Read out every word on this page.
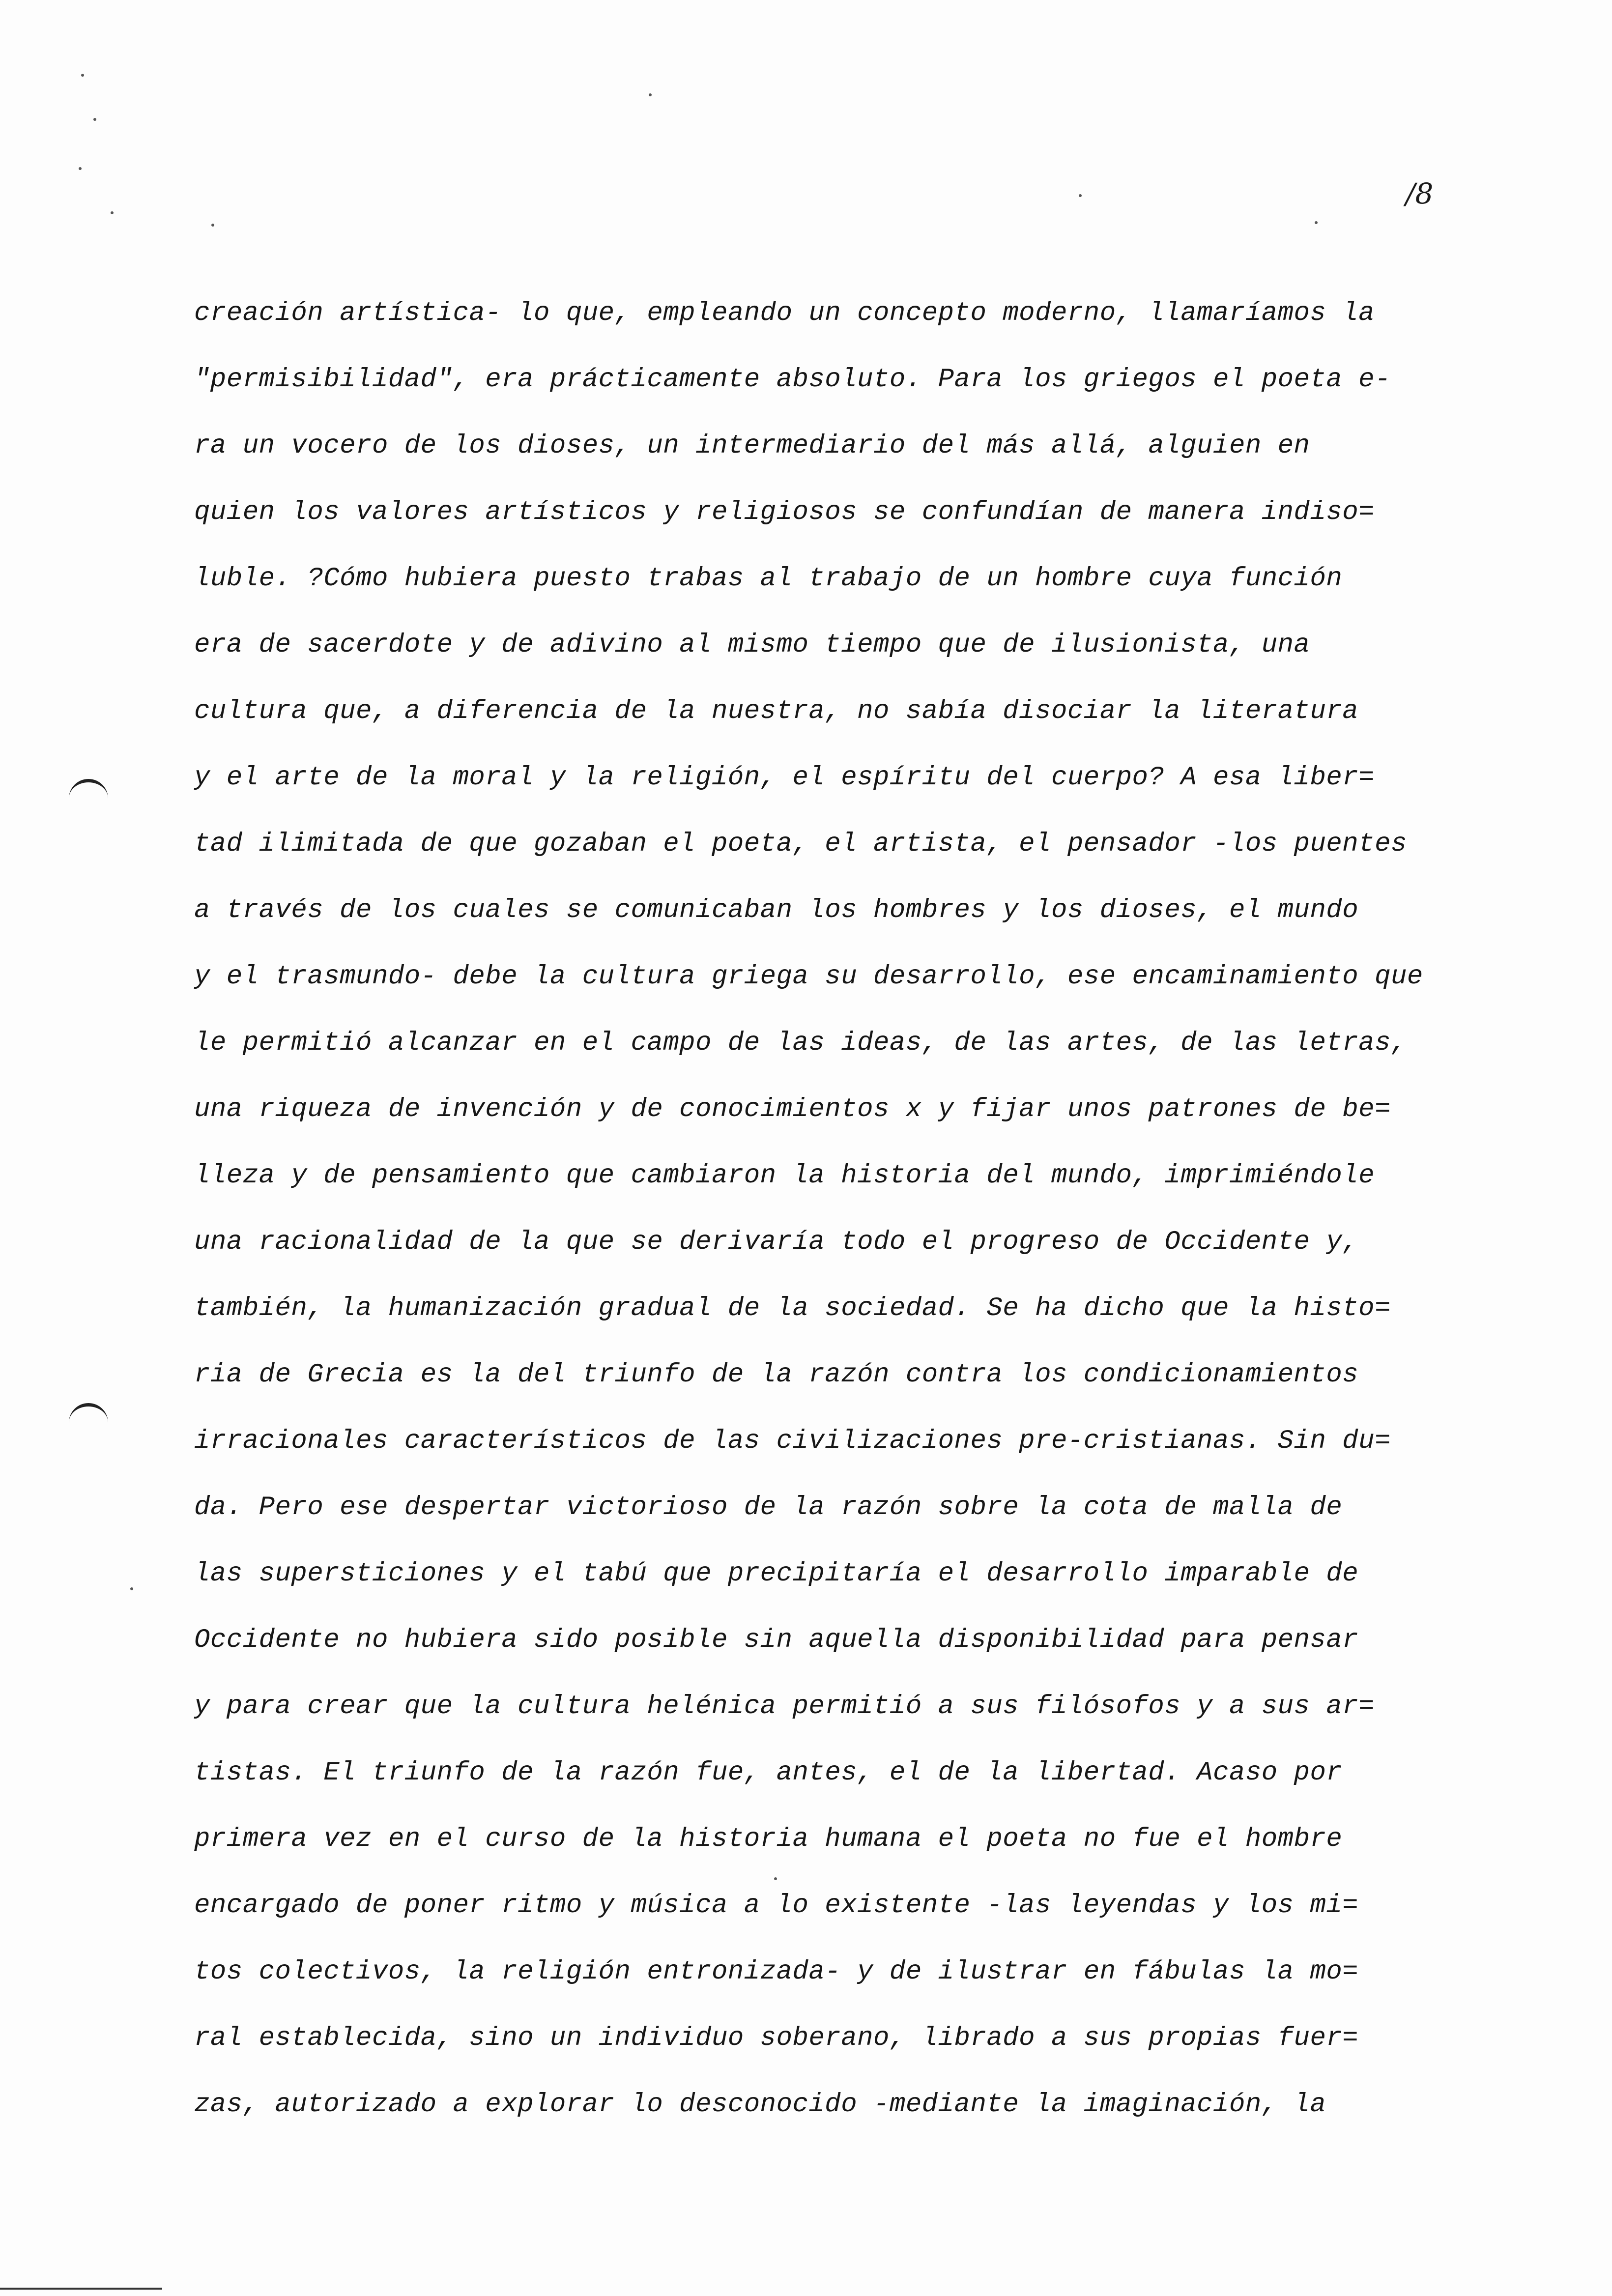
/8
creación artística- lo que, empleando un concepto moderno, llamaríamos la
"permisibilidad", era prácticamente absoluto. Para los griegos el poeta e-
ra un vocero de los dioses, un intermediario del más allá, alguien en
quien los valores artísticos y religiosos se confundían de manera indiso=
luble. ?Cómo hubiera puesto trabas al trabajo de un hombre cuya función
era de sacerdote y de adivino al mismo tiempo que de ilusionista, una
cultura que, a diferencia de la nuestra, no sabía disociar la literatura
y el arte de la moral y la religión, el espíritu del cuerpo? A esa liber=
tad ilimitada de que gozaban el poeta, el artista, el pensador -los puentes
a través de los cuales se comunicaban los hombres y los dioses, el mundo
y el trasmundo- debe la cultura griega su desarrollo, ese encaminamiento que
le permitió alcanzar en el campo de las ideas, de las artes, de las letras,
una riqueza de invención y de conocimientos x y fijar unos patrones de be=
lleza y de pensamiento que cambiaron la historia del mundo, imprimiéndole
una racionalidad de la que se derivaría todo el progreso de Occidente y,
también, la humanización gradual de la sociedad. Se ha dicho que la histo=
ria de Grecia es la del triunfo de la razón contra los condicionamientos
irracionales característicos de las civilizaciones pre-cristianas. Sin du=
da. Pero ese despertar victorioso de la razón sobre la cota de malla de
las supersticiones y el tabú que precipitaría el desarrollo imparable de
Occidente no hubiera sido posible sin aquella disponibilidad para pensar
y para crear que la cultura helénica permitió a sus filósofos y a sus ar=
tistas. El triunfo de la razón fue, antes, el de la libertad. Acaso por
primera vez en el curso de la historia humana el poeta no fue el hombre
encargado de poner ritmo y música a lo existente -las leyendas y los mi=
tos colectivos, la religión entronizada- y de ilustrar en fábulas la mo=
ral establecida, sino un individuo soberano, librado a sus propias fuer=
zas, autorizado a explorar lo desconocido -mediante la imaginación, la
